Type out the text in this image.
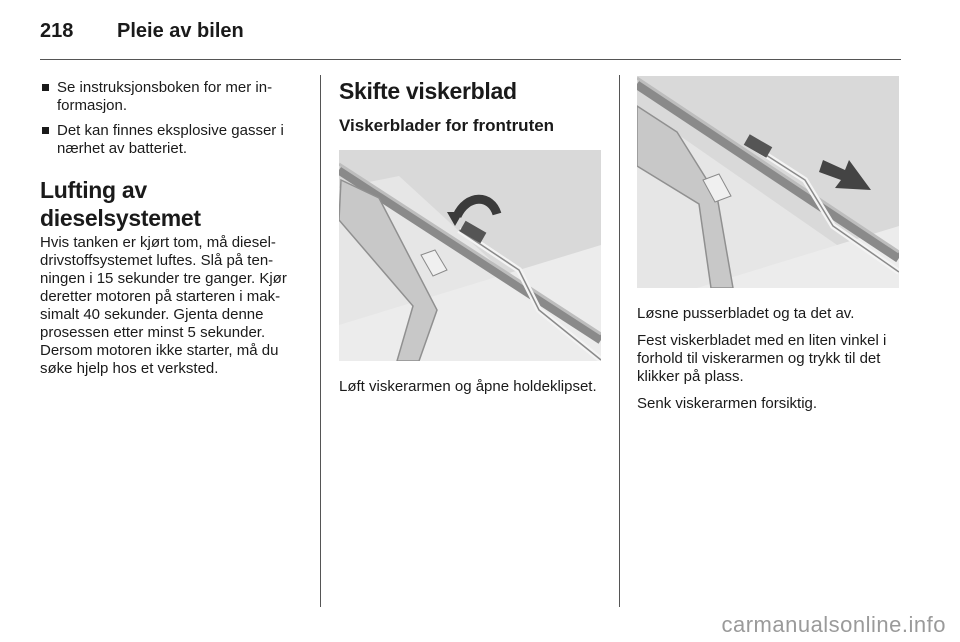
218 Pleie av bilen
Se instruksjonsboken for mer informasjon.
Det kan finnes eksplosive gasser i nærhet av batteriet.
Lufting av dieselsystemet

Hvis tanken er kjørt tom, må dieseldrivstoffsystemet luftes. Slå på tenningen i 15 sekunder tre ganger. Kjør deretter motoren på starteren i maksimalt 40 sekunder. Gjenta denne prosessen etter minst 5 sekunder. Dersom motoren ikke starter, må du søke hjelp hos et verksted.

Skifte viskerblad
Viskerblader for frontruten

Løft viskerarmen og åpne holdeklipset.

Løsne pusserbladet og ta det av.

Fest viskerbladet med en liten vinkel i forhold til viskerarmen og trykk til det klikker på plass.

Senk viskerarmen forsiktig.

carmanualsonline.info
